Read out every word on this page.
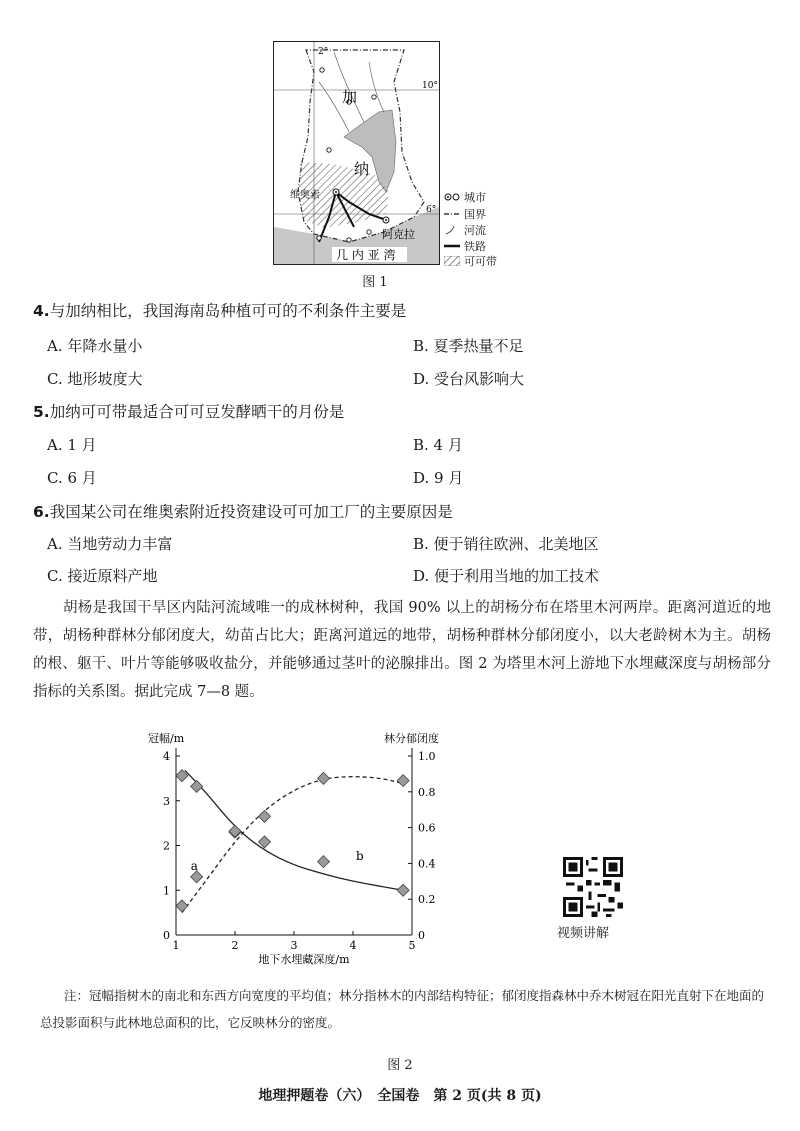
2°
10°
6°
加
纳
维奥索
阿克拉
几 内 亚 湾
城市
国界
河流
铁路
可可带
图 1
4.与加纳相比，我国海南岛种植可可的不利条件主要是
A. 年降水量小	B. 夏季热量不足
C. 地形坡度大	D. 受台风影响大
5.加纳可可带最适合可可豆发酵晒干的月份是
A. 1 月	B. 4 月
C. 6 月	D. 9 月
6.我国某公司在维奥索附近投资建设可可加工厂的主要原因是
A. 当地劳动力丰富	B. 便于销往欧洲、北美地区
C. 接近原料产地	D. 便于利用当地的加工技术
胡杨是我国干旱区内陆河流域唯一的成林树种，我国 90% 以上的胡杨分布在塔里木河两岸。距离河道近的地带，胡杨种群林分郁闭度大，幼苗占比大；距离河道远的地带，胡杨种群林分郁闭度小，以大老龄树木为主。胡杨的根、躯干、叶片等能够吸收盐分，并能够通过茎叶的泌腺排出。图 2 为塔里木河上游地下水埋藏深度与胡杨部分指标的关系图。据此完成 7—8 题。
1	2	3	4	5
0
1
2
3
4
0
0.2
0.4
0.6
0.8
1.0
冠幅/m	林分郁闭度
地下水埋藏深度/m
a
b
视频讲解
注：冠幅指树木的南北和东西方向宽度的平均值；林分指林木的内部结构特征；郁闭度指森林中乔木树冠在阳光直射下在地面的总投影面积与此林地总面积的比，它反映林分的密度。
图 2
地理押题卷（六）　全国卷　第 2 页(共 8 页)
